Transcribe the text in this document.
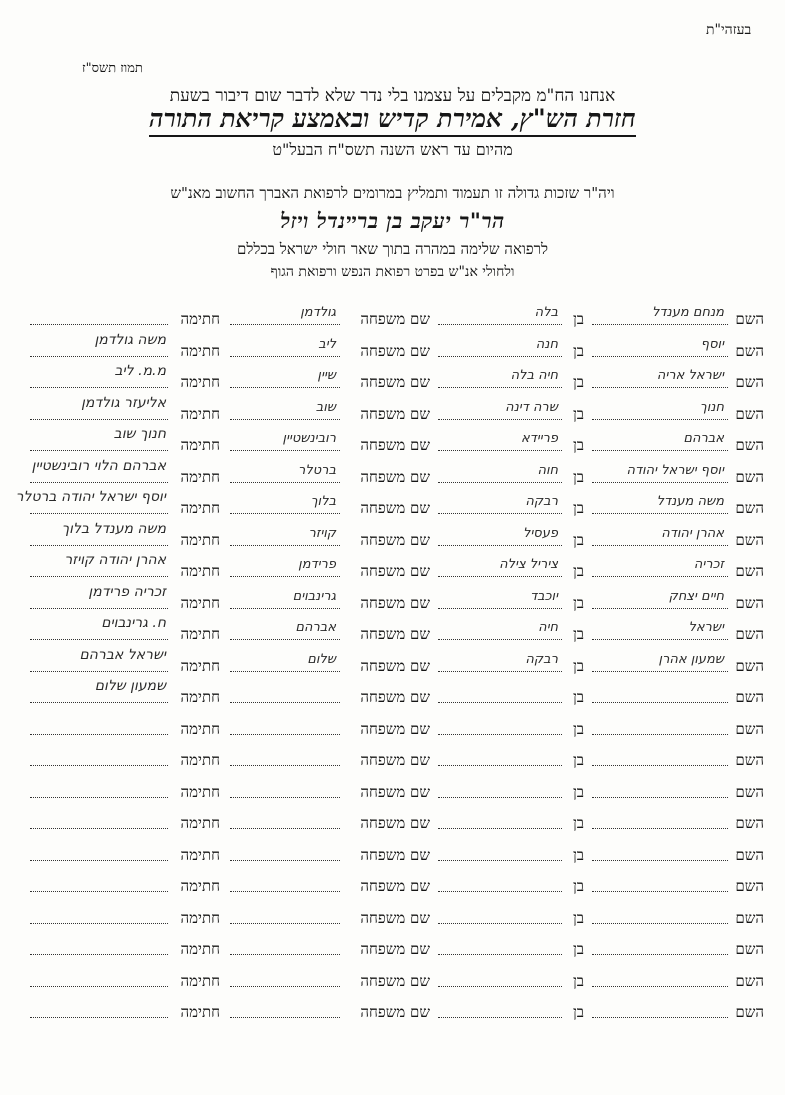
בעזהי"ת
תמוז תשס"ז
אנחנו הח"מ מקבלים על עצמנו בלי נדר שלא לדבר שום דיבור בשעת
חזרת הש"ץ, אמירת קדיש ובאמצע קריאת התורה
מהיום עד ראש השנה תשס"ח הבעל"ט
ויה"ר שזכות גדולה זו תעמוד ותמליץ במרומים לרפואת האברך החשוב מאנ"ש
הר"ר יעקב בן ברײנדל ויזל
לרפואה שלימה במהרה בתוך שאר חולי ישראל בכללם
ולחולי אנ"ש בפרט רפואת הנפש ורפואת הגוף
השם
מנחם מענדל
בן
בלה
שם משפחה
גולדמן
חתימה
השם
יוסף
בן
חנה
שם משפחה
ליב
חתימה
משה גולדמן
השם
ישראל אריה
בן
חיה בלה
שם משפחה
שיין
חתימה
מ.מ. ליב
השם
חנוך
בן
שרה דינה
שם משפחה
שוב
חתימה
אליעזר גולדמן
השם
אברהם
בן
פריידא
שם משפחה
רובינשטיין
חתימה
חנוך שוב
השם
יוסף ישראל יהודה
בן
חוה
שם משפחה
ברטלר
חתימה
אברהם הלוי רובינשטיין
השם
משה מענדל
בן
רבקה
שם משפחה
בלוך
חתימה
יוסף ישראל יהודה ברטלר
השם
אהרן יהודה
בן
פעסיל
שם משפחה
קויזר
חתימה
משה מענדל בלוך
השם
זכריה
בן
ציריל צילה
שם משפחה
פרידמן
חתימה
אהרן יהודה קויזר
השם
חיים יצחק
בן
יוכבד
שם משפחה
גרינבוים
חתימה
זכריה פרידמן
השם
ישראל
בן
חיה
שם משפחה
אברהם
חתימה
ח. גרינבוים
השם
שמעון אהרן
בן
רבקה
שם משפחה
שלום
חתימה
ישראל אברהם
השם
בן
שם משפחה
חתימה
שמעון שלום
השם
בן
שם משפחה
חתימה
השם
בן
שם משפחה
חתימה
השם
בן
שם משפחה
חתימה
השם
בן
שם משפחה
חתימה
השם
בן
שם משפחה
חתימה
השם
בן
שם משפחה
חתימה
השם
בן
שם משפחה
חתימה
השם
בן
שם משפחה
חתימה
השם
בן
שם משפחה
חתימה
השם
בן
שם משפחה
חתימה
